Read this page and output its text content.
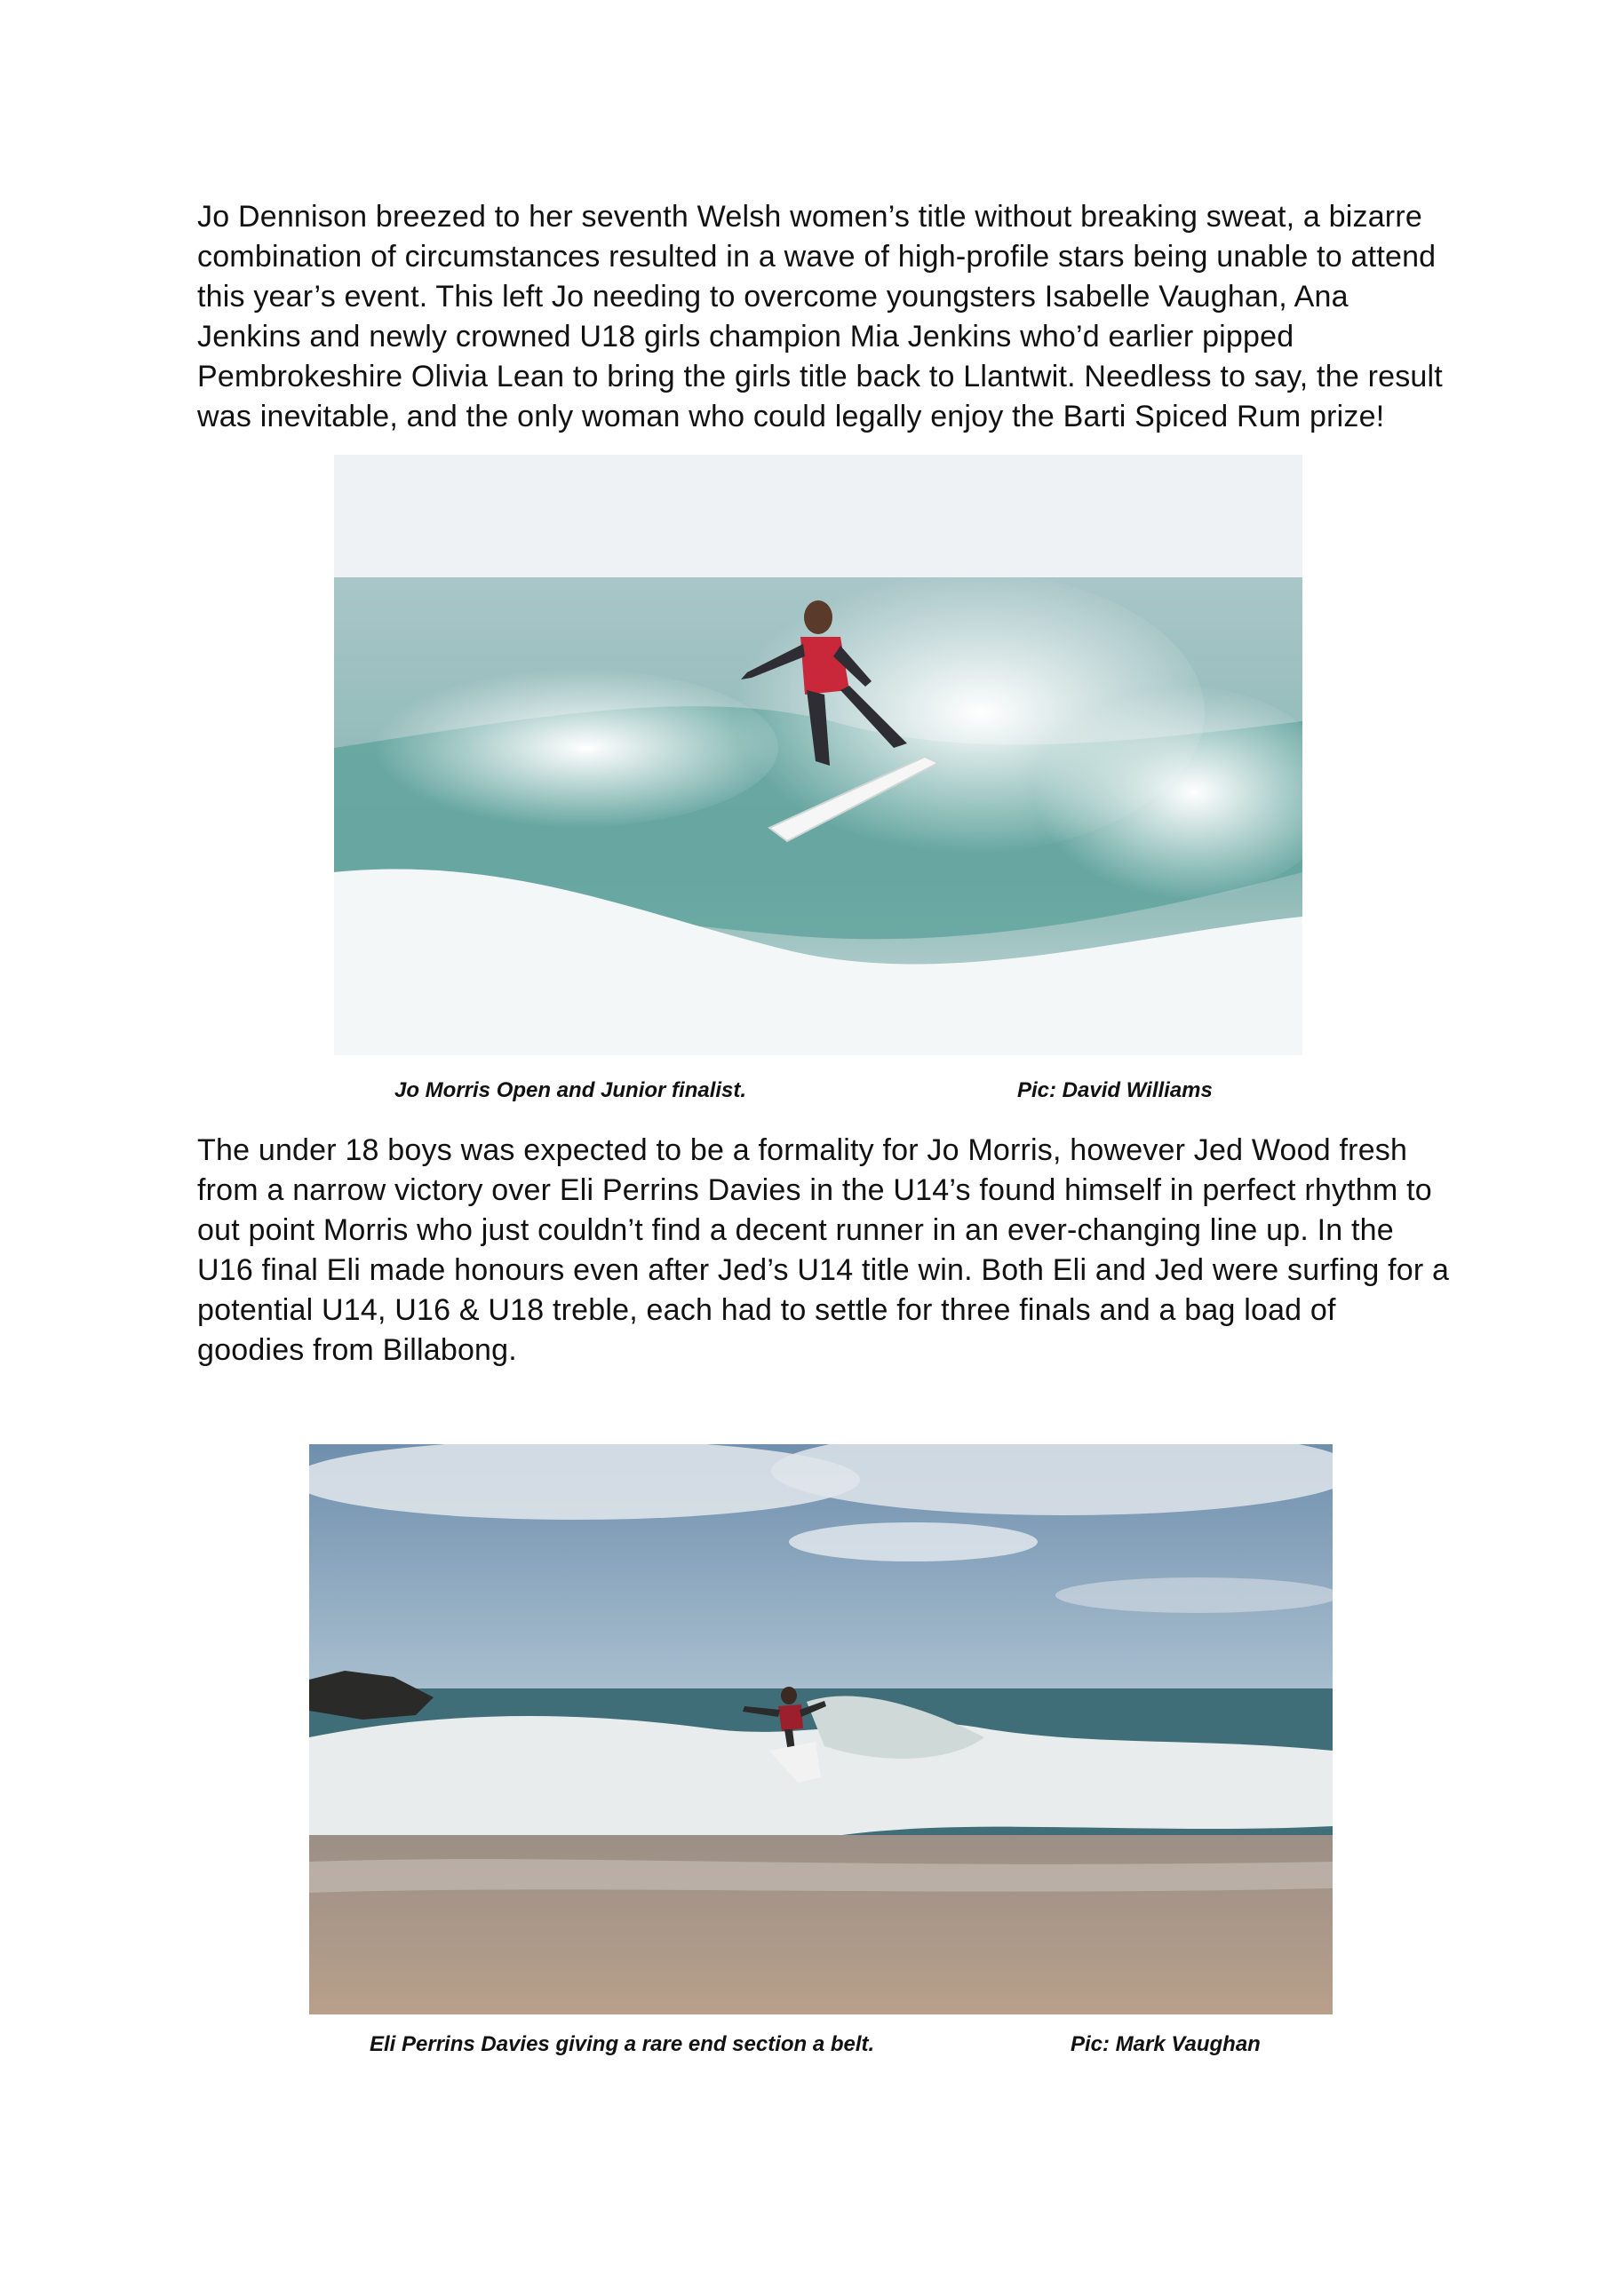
Jo Dennison breezed to her seventh Welsh women’s title without breaking sweat, a bizarre combination of circumstances resulted in a wave of high-profile stars being unable to attend this year’s event. This left Jo needing to overcome youngsters Isabelle Vaughan, Ana Jenkins and newly crowned U18 girls champion Mia Jenkins who’d earlier pipped Pembrokeshire Olivia Lean to bring the girls title back to Llantwit. Needless to say, the result was inevitable, and the only woman who could legally enjoy the Barti Spiced Rum prize!

Jo Morris Open and Junior finalist.	Pic: David Williams

The under 18 boys was expected to be a formality for Jo Morris, however Jed Wood fresh from a narrow victory over Eli Perrins Davies in the U14’s found himself in perfect rhythm to out point Morris who just couldn’t find a decent runner in an ever-changing line up. In the U16 final Eli made honours even after Jed’s U14 title win. Both Eli and Jed were surfing for a potential U14, U16 & U18 treble, each had to settle for three finals and a bag load of goodies from Billabong.

Eli Perrins Davies giving a rare end section a belt.	Pic: Mark Vaughan
